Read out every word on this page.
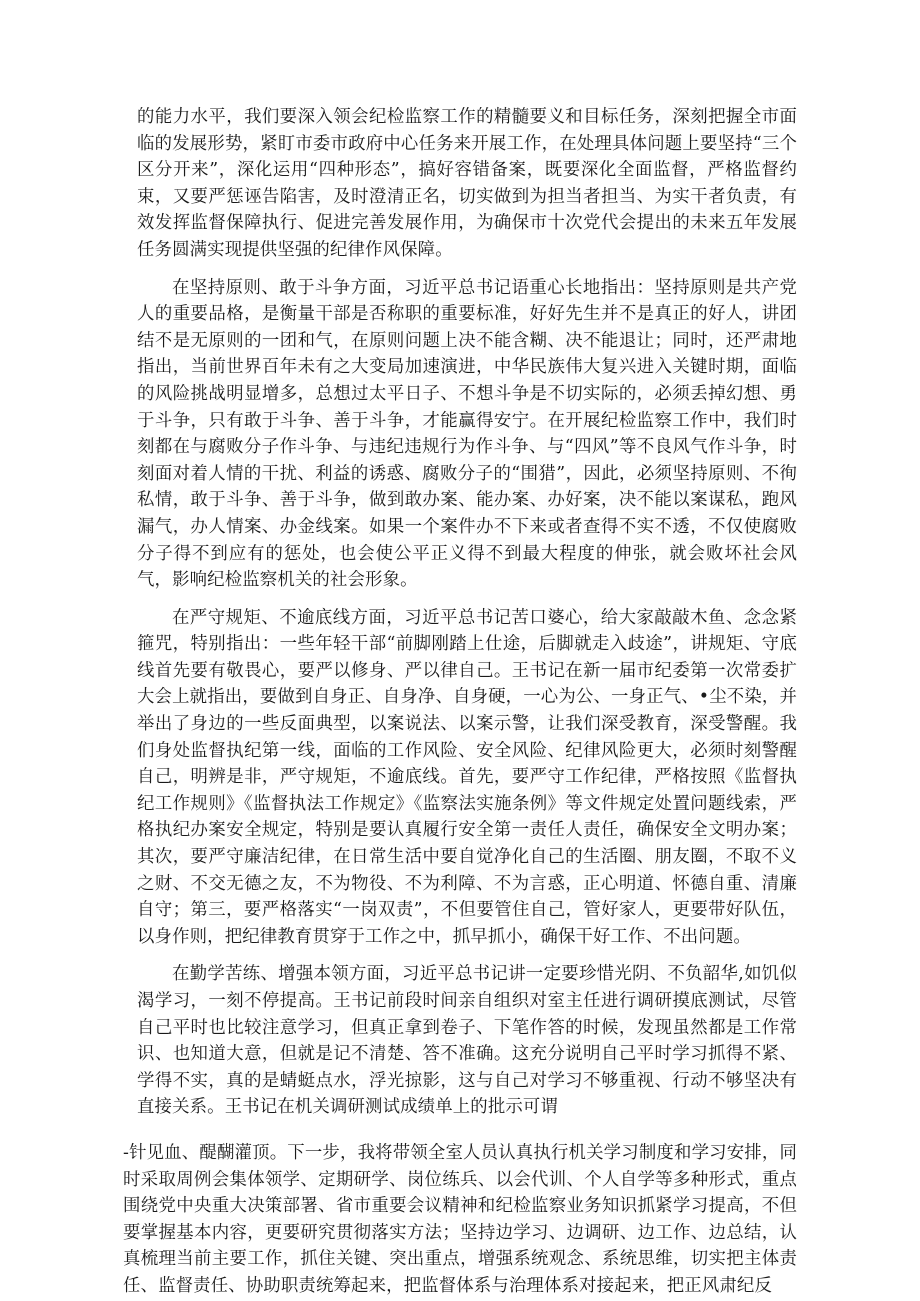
的能力水平，我们要深入领会纪检监察工作的精髓要义和目标任务，深刻把握全市面临的发展形势，紧盯市委市政府中心任务来开展工作，在处理具体问题上要坚持“三个区分开来”，深化运用“四种形态”，搞好容错备案，既要深化全面监督，严格监督约束，又要严惩诬告陷害，及时澄清正名，切实做到为担当者担当、为实干者负责，有效发挥监督保障执行、促进完善发展作用，为确保市十次党代会提出的未来五年发展任务圆满实现提供坚强的纪律作风保障。

在坚持原则、敢于斗争方面，习近平总书记语重心长地指出：坚持原则是共产党人的重要品格，是衡量干部是否称职的重要标准，好好先生并不是真正的好人，讲团结不是无原则的一团和气，在原则问题上决不能含糊、决不能退让；同时，还严肃地指出，当前世界百年未有之大变局加速演进，中华民族伟大复兴进入关键时期，面临的风险挑战明显增多，总想过太平日子、不想斗争是不切实际的，必须丢掉幻想、勇于斗争，只有敢于斗争、善于斗争，才能赢得安宁。在开展纪检监察工作中，我们时刻都在与腐败分子作斗争、与违纪违规行为作斗争、与“四风”等不良风气作斗争，时刻面对着人情的干扰、利益的诱惑、腐败分子的“围猎”，因此，必须坚持原则、不徇私情，敢于斗争、善于斗争，做到敢办案、能办案、办好案，决不能以案谋私，跑风漏气，办人情案、办金线案。如果一个案件办不下来或者查得不实不透，不仅使腐败分子得不到应有的惩处，也会使公平正义得不到最大程度的伸张，就会败坏社会风气，影响纪检监察机关的社会形象。

在严守规矩、不逾底线方面，习近平总书记苦口婆心，给大家敲敲木鱼、念念紧箍咒，特别指出：一些年轻干部“前脚刚踏上仕途，后脚就走入歧途”，讲规矩、守底线首先要有敬畏心，要严以修身、严以律自己。王书记在新一届市纪委第一次常委扩大会上就指出，要做到自身正、自身净、自身硬，一心为公、一身正气、•尘不染，并举出了身边的一些反面典型，以案说法、以案示警，让我们深受教育，深受警醒。我们身处监督执纪第一线，面临的工作风险、安全风险、纪律风险更大，必须时刻警醒自己，明辨是非，严守规矩，不逾底线。首先，要严守工作纪律，严格按照《监督执纪工作规则》《监督执法工作规定》《监察法实施条例》等文件规定处置问题线索，严格执纪办案安全规定，特别是要认真履行安全第一责任人责任，确保安全文明办案；其次，要严守廉洁纪律，在日常生活中要自觉净化自己的生活圈、朋友圈，不取不义之财、不交无德之友，不为物役、不为利障、不为言惑，正心明道、怀德自重、清廉自守；第三，要严格落实“一岗双责”，不但要管住自己，管好家人，更要带好队伍，以身作则，把纪律教育贯穿于工作之中，抓早抓小，确保干好工作、不出问题。

在勤学苦练、增强本领方面，习近平总书记讲一定要珍惜光阴、不负韶华,如饥似渴学习，一刻不停提高。王书记前段时间亲自组织对室主任进行调研摸底测试，尽管自己平时也比较注意学习，但真正拿到卷子、下笔作答的时候，发现虽然都是工作常识、也知道大意，但就是记不清楚、答不准确。这充分说明自己平时学习抓得不紧、学得不实，真的是蜻蜓点水，浮光掠影，这与自己对学习不够重视、行动不够坚决有直接关系。王书记在机关调研测试成绩单上的批示可谓

-针见血、醍醐灌顶。下一步，我将带领全室人员认真执行机关学习制度和学习安排，同时采取周例会集体领学、定期研学、岗位练兵、以会代训、个人自学等多种形式，重点围绕党中央重大决策部署、省市重要会议精神和纪检监察业务知识抓紧学习提高，不但要掌握基本内容，更要研究贯彻落实方法；坚持边学习、边调研、边工作、边总结，认真梳理当前主要工作，抓住关键、突出重点，增强系统观念、系统思维，切实把主体责任、监督责任、协助职责统筹起来，把监督体系与治理体系对接起来，把正风肃纪反
